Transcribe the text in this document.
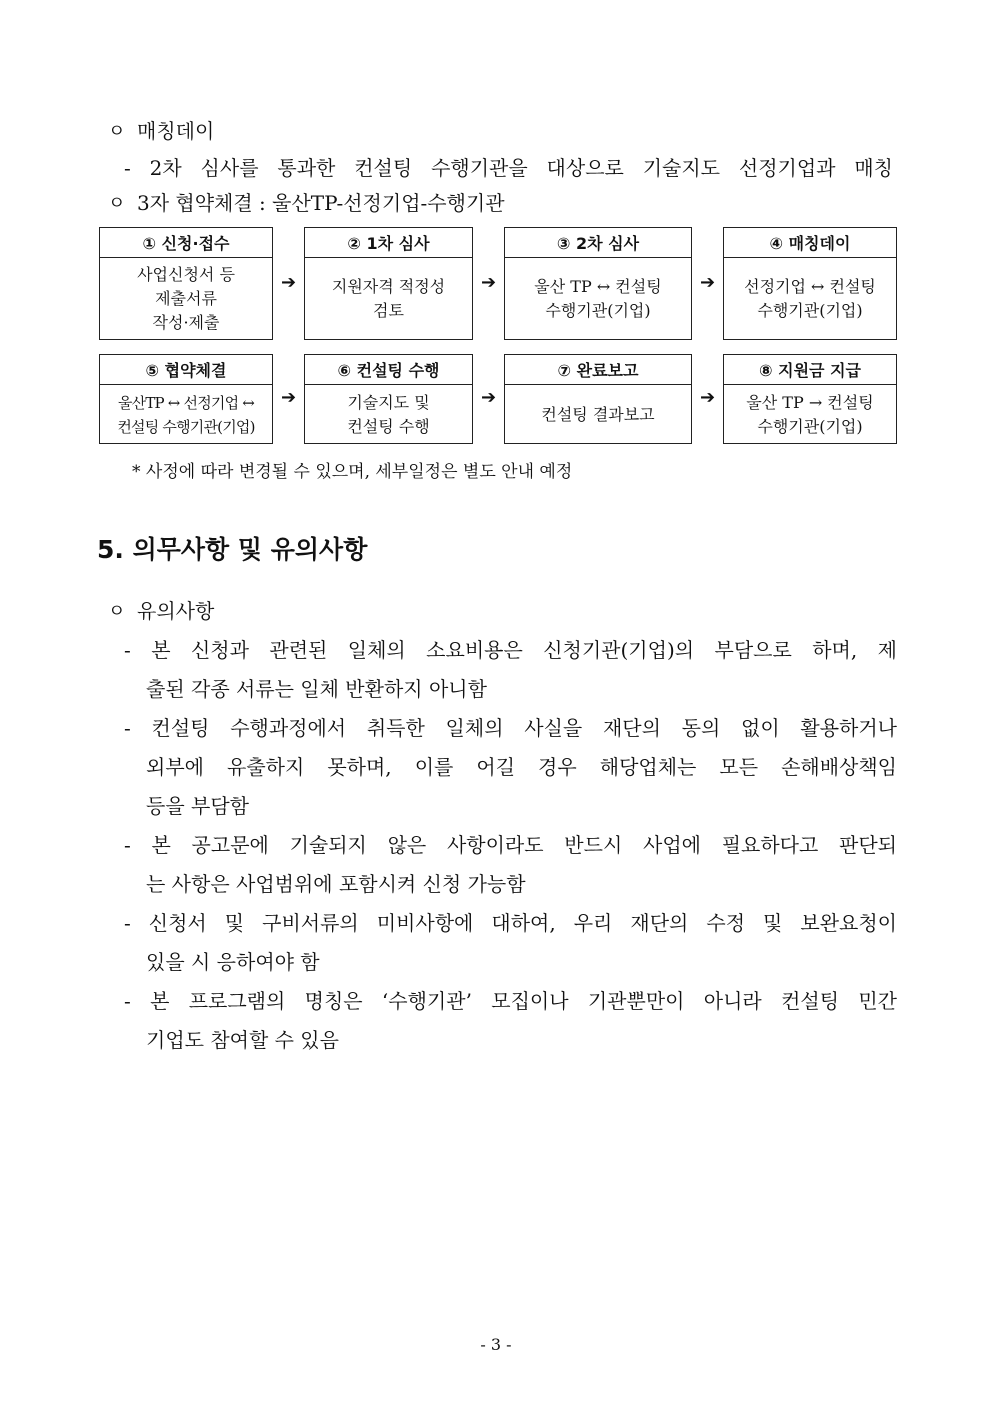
ㅇ 매칭데이
- 2차 심사를 통과한 컨설팅 수행기관을 대상으로 기술지도 선정기업과 매칭
ㅇ 3자 협약체결 : 울산TP-선정기업-수행기관
① 신청·접수
사업신청서 등
제출서류
작성·제출
➔
② 1차 심사
지원자격 적정성
검토
➔
③ 2차 심사
울산 TP ↔ 컨설팅
수행기관(기업)
➔
④ 매칭데이
선정기업 ↔ 컨설팅
수행기관(기업)
⑤ 협약체결
울산TP ↔ 선정기업 ↔
컨설팅 수행기관(기업)
➔
⑥ 컨설팅 수행
기술지도 및
컨설팅 수행
➔
⑦ 완료보고
컨설팅 결과보고
➔
⑧ 지원금 지급
울산 TP → 컨설팅
수행기관(기업)
* 사정에 따라 변경될 수 있으며, 세부일정은 별도 안내 예정
5. 의무사항 및 유의사항
ㅇ 유의사항
- 본 신청과 관련된 일체의 소요비용은 신청기관(기업)의 부담으로 하며, 제
출된 각종 서류는 일체 반환하지 아니함
- 컨설팅 수행과정에서 취득한 일체의 사실을 재단의 동의 없이 활용하거나
외부에 유출하지 못하며, 이를 어길 경우 해당업체는 모든 손해배상책임
등을 부담함
- 본 공고문에 기술되지 않은 사항이라도 반드시 사업에 필요하다고 판단되
는 사항은 사업범위에 포함시켜 신청 가능함
- 신청서 및 구비서류의 미비사항에 대하여, 우리 재단의 수정 및 보완요청이
있을 시 응하여야 함
- 본 프로그램의 명칭은 ‘수행기관’ 모집이나 기관뿐만이 아니라 컨설팅 민간
기업도 참여할 수 있음
- 3 -
